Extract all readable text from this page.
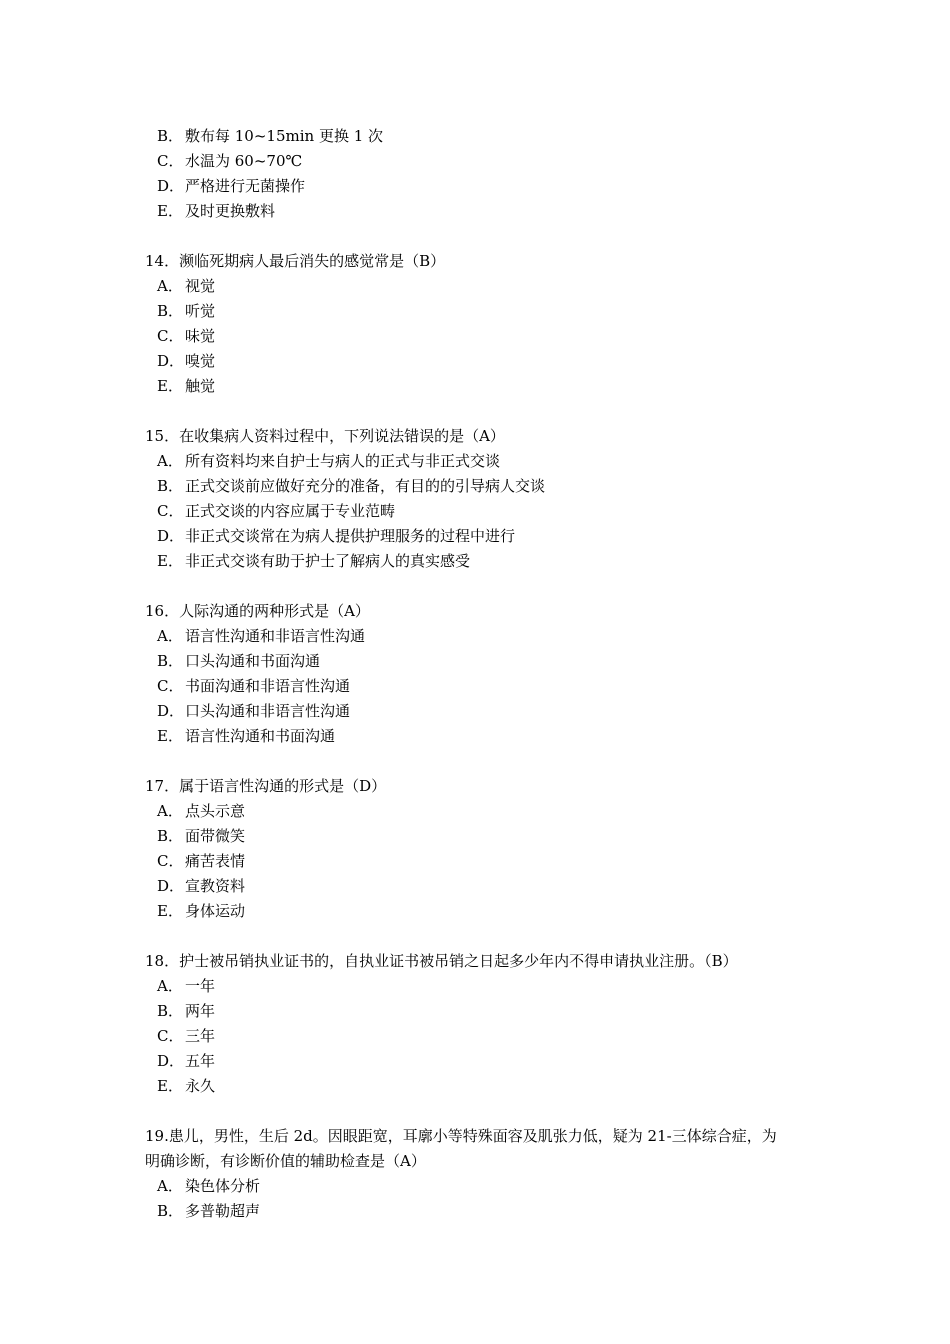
B． 敷布每 10~15min 更换 1 次
C． 水温为 60~70℃
D．严格进行无菌操作
E． 及时更换敷料
14．濒临死期病人最后消失的感觉常是（B）
A． 视觉
B． 听觉
C． 味觉
D．嗅觉
E． 触觉
15．在收集病人资料过程中，下列说法错误的是（A）
A． 所有资料均来自护士与病人的正式与非正式交谈
B． 正式交谈前应做好充分的准备，有目的的引导病人交谈
C． 正式交谈的内容应属于专业范畴
D．非正式交谈常在为病人提供护理服务的过程中进行
E． 非正式交谈有助于护士了解病人的真实感受
16．人际沟通的两种形式是（A）
A． 语言性沟通和非语言性沟通
B． 口头沟通和书面沟通
C． 书面沟通和非语言性沟通
D．口头沟通和非语言性沟通
E． 语言性沟通和书面沟通
17．属于语言性沟通的形式是（D）
A． 点头示意
B． 面带微笑
C． 痛苦表情
D．宣教资料
E． 身体运动
18．护士被吊销执业证书的，自执业证书被吊销之日起多少年内不得申请执业注册。（B）
A． 一年
B． 两年
C． 三年
D．五年
E． 永久
19.患儿，男性，生后 2d。因眼距宽，耳廓小等特殊面容及肌张力低，疑为 21-三体综合症，为
明确诊断，有诊断价值的辅助检查是（A）
A． 染色体分析
B． 多普勒超声
